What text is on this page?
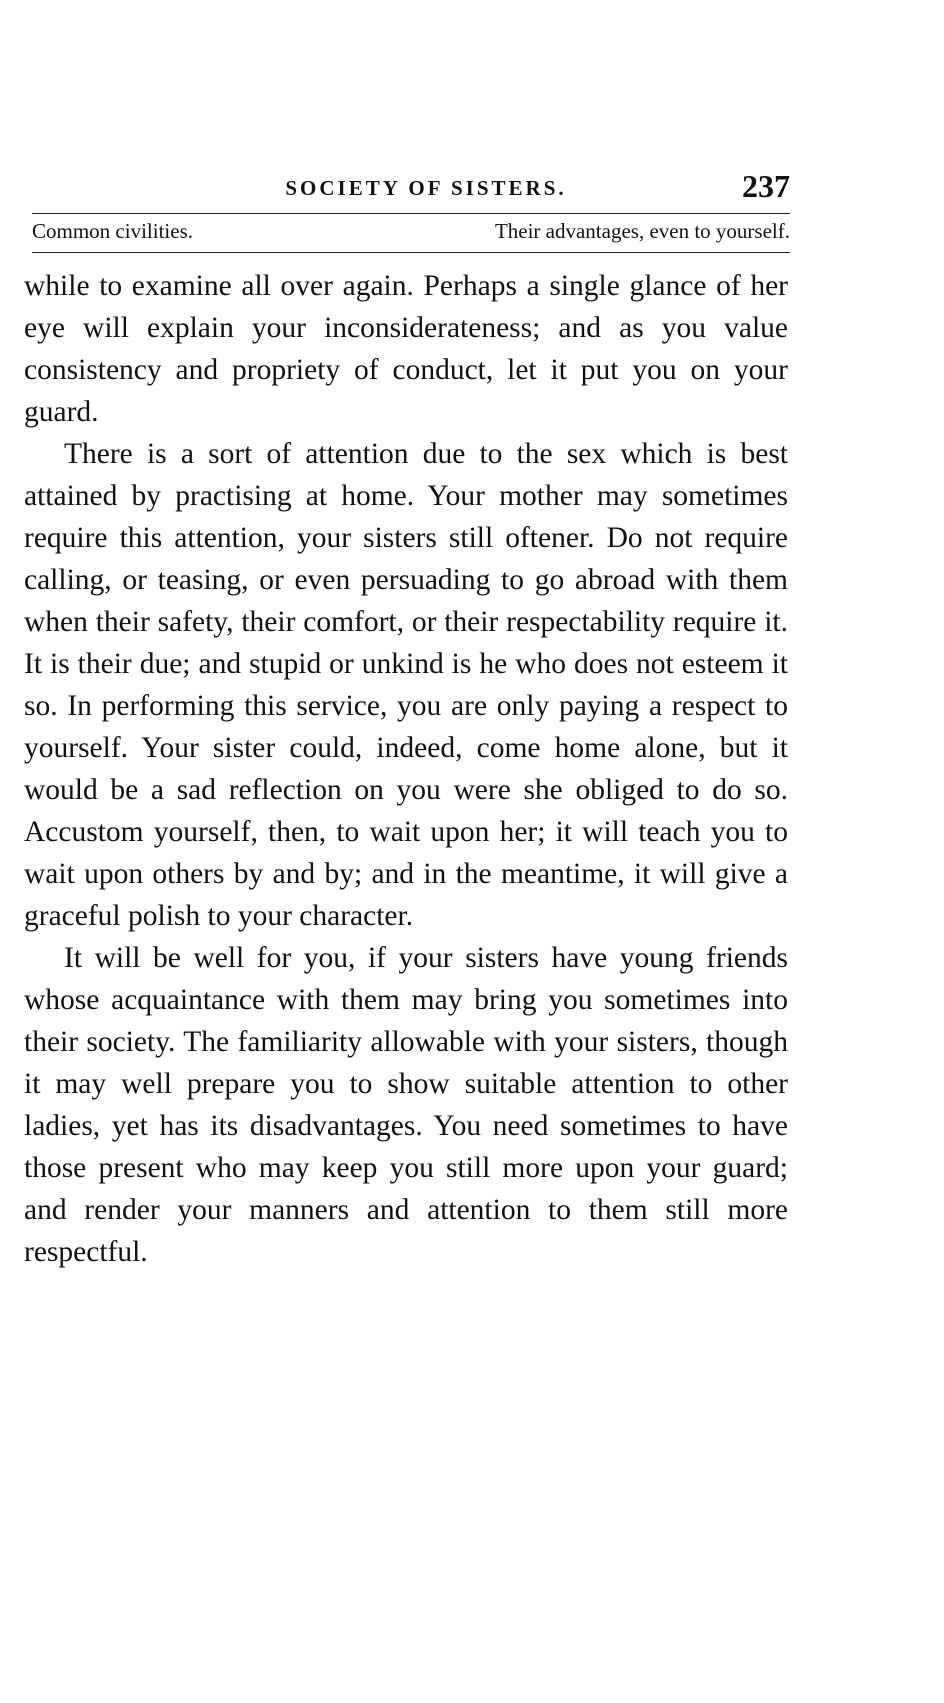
SOCIETY OF SISTERS.	237
Common civilities.	Their advantages, even to yourself.

while to examine all over again. Perhaps a single glance of her eye will explain your inconsiderateness; and as you value consistency and propriety of conduct, let it put you on your guard.

There is a sort of attention due to the sex which is best attained by practising at home. Your mother may sometimes require this attention, your sisters still oftener. Do not require calling, or teasing, or even persuading to go abroad with them when their safety, their comfort, or their respectability require it. It is their due; and stupid or unkind is he who does not esteem it so. In performing this service, you are only paying a respect to yourself. Your sister could, indeed, come home alone, but it would be a sad reflection on you were she obliged to do so. Accustom yourself, then, to wait upon her; it will teach you to wait upon others by and by; and in the meantime, it will give a graceful polish to your character.

It will be well for you, if your sisters have young friends whose acquaintance with them may bring you sometimes into their society. The familiarity allowable with your sisters, though it may well prepare you to show suitable attention to other ladies, yet has its disadvantages. You need sometimes to have those present who may keep you still more upon your guard; and render your manners and attention to them still more respectful.
